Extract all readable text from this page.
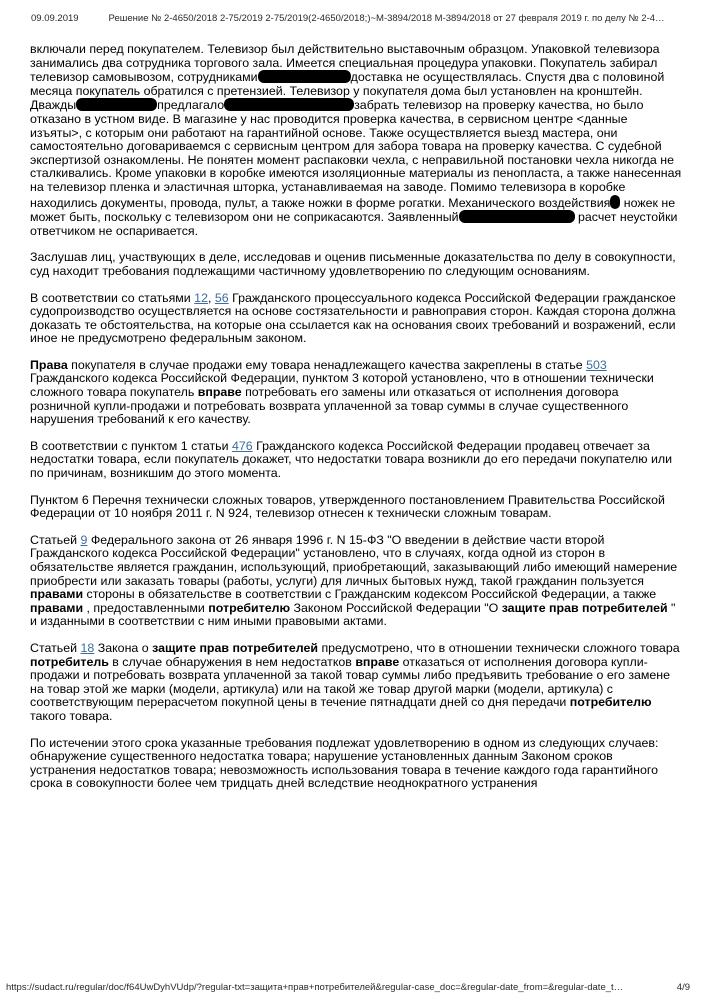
09.09.2019	Решение № 2-4650/2018 2-75/2019 2-75/2019(2-4650/2018;)~М-3894/2018 М-3894/2018 от 27 февраля 2019 г. по делу № 2-4…

включали перед покупателем. Телевизор был действительно выставочным образцом. Упаковкой телевизора занимались два сотрудника торгового зала. Имеется специальная процедура упаковки. Покупатель забирал телевизор самовывозом, сотрудниками	доставка не осуществлялась. Спустя два с половиной месяца покупатель обратился с претензией. Телевизор у покупателя дома был установлен на кронштейн. Дважды	предлагало	забрать телевизор на проверку качества, но было отказано в устном виде. В магазине у нас проводится проверка качества, в сервисном центре <данные изъяты>, с которым они работают на гарантийной основе. Также осуществляется выезд мастера, они самостоятельно договариваемся с сервисным центром для забора товара на проверку качества. С судебной экспертизой ознакомлены. Не понятен момент распаковки чехла, с неправильной постановки чехла никогда не сталкивались. Кроме упаковки в коробке имеются изоляционные материалы из пенопласта, а также нанесенная на телевизор пленка и эластичная шторка, устанавливаемая на заводе. Помимо телевизора в коробке находились документы, провода, пульт, а также ножки в форме рогатки. Механического воздействия ножек не может быть, поскольку с телевизором они не соприкасаются. Заявленный	расчет неустойки ответчиком не оспаривается.

Заслушав лиц, участвующих в деле, исследовав и оценив письменные доказательства по делу в совокупности, суд находит требования подлежащими частичному удовлетворению по следующим основаниям.

В соответствии со статьями 12, 56 Гражданского процессуального кодекса Российской Федерации гражданское судопроизводство осуществляется на основе состязательности и равноправия сторон. Каждая сторона должна доказать те обстоятельства, на которые она ссылается как на основания своих требований и возражений, если иное не предусмотрено федеральным законом.

Права покупателя в случае продажи ему товара ненадлежащего качества закреплены в статье 503 Гражданского кодекса Российской Федерации, пунктом 3 которой установлено, что в отношении технически сложного товара покупатель вправе потребовать его замены или отказаться от исполнения договора розничной купли-продажи и потребовать возврата уплаченной за товар суммы в случае существенного нарушения требований к его качеству.

В соответствии с пунктом 1 статьи 476 Гражданского кодекса Российской Федерации продавец отвечает за недостатки товара, если покупатель докажет, что недостатки товара возникли до его передачи покупателю или по причинам, возникшим до этого момента.

Пунктом 6 Перечня технически сложных товаров, утвержденного постановлением Правительства Российской Федерации от 10 ноября 2011 г. N 924, телевизор отнесен к технически сложным товарам.

Статьей 9 Федерального закона от 26 января 1996 г. N 15-ФЗ "О введении в действие части второй Гражданского кодекса Российской Федерации" установлено, что в случаях, когда одной из сторон в обязательстве является гражданин, использующий, приобретающий, заказывающий либо имеющий намерение приобрести или заказать товары (работы, услуги) для личных бытовых нужд, такой гражданин пользуется правами стороны в обязательстве в соответствии с Гражданским кодексом Российской Федерации, а также правами , предоставленными потребителю Законом Российской Федерации "О защите прав потребителей " и изданными в соответствии с ним иными правовыми актами.

Статьей 18 Закона о защите прав потребителей предусмотрено, что в отношении технически сложного товара потребитель в случае обнаружения в нем недостатков вправе отказаться от исполнения договора купли-продажи и потребовать возврата уплаченной за такой товар суммы либо предъявить требование о его замене на товар этой же марки (модели, артикула) или на такой же товар другой марки (модели, артикула) с соответствующим перерасчетом покупной цены в течение пятнадцати дней со дня передачи потребителю такого товара.

По истечении этого срока указанные требования подлежат удовлетворению в одном из следующих случаев: обнаружение существенного недостатка товара; нарушение установленных данным Законом сроков устранения недостатков товара; невозможность использования товара в течение каждого года гарантийного срока в совокупности более чем тридцать дней вследствие неоднократного устранения

https://sudact.ru/regular/doc/f64UwDyhVUdp/?regular-txt=защита+прав+потребителей&regular-case_doc=&regular-date_from=&regular-date_t…	4/9
